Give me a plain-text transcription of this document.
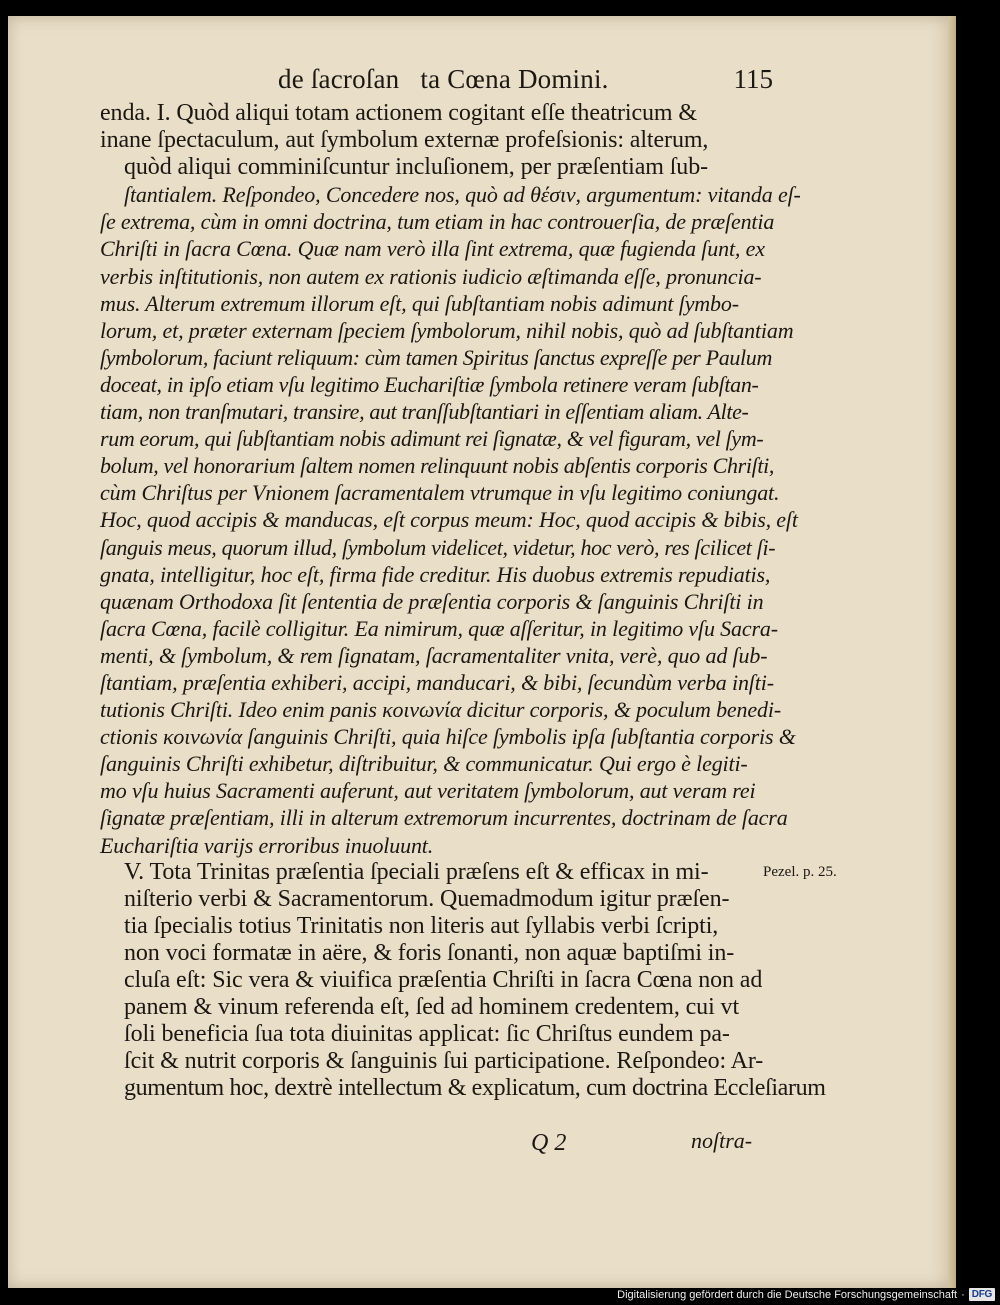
de ſacroſanᷓta Cœna Domini.	115
enda. I. Quòd aliqui totam actionem cogitant eſſe theatricum &
inane ſpectaculum, aut ſymbolum externæ profeſsionis: alterum,
quòd aliqui comminiſcuntur incluſionem, per præſentiam ſub-
ſtantialem. Reſpondeo, Concedere nos, quò ad θέσιν, argumentum: vitanda eſ-
ſe extrema, cùm in omni doctrina, tum etiam in hac controuerſia, de præſentia
Chriſti in ſacra Cœna. Quæ nam verò illa ſint extrema, quæ fugienda ſunt, ex
verbis inſtitutionis, non autem ex rationis iudicio æſtimanda eſſe, pronuncia-
mus. Alterum extremum illorum eſt, qui ſubſtantiam nobis adimunt ſymbo-
lorum, et, præter externam ſpeciem ſymbolorum, nihil nobis, quò ad ſubſtantiam
ſymbolorum, faciunt reliquum: cùm tamen Spiritus ſanctus expreſſe per Paulum
doceat, in ipſo etiam vſu legitimo Euchariſtiæ ſymbola retinere veram ſubſtan-
tiam, non tranſmutari, transire, aut tranſſubſtantiari in eſſentiam aliam. Alte-
rum eorum, qui ſubſtantiam nobis adimunt rei ſignatæ, & vel figuram, vel ſym-
bolum, vel honorarium ſaltem nomen relinquunt nobis abſentis corporis Chriſti,
cùm Chriſtus per Vnionem ſacramentalem vtrumque in vſu legitimo coniungat.
Hoc, quod accipis & manducas, eſt corpus meum: Hoc, quod accipis & bibis, eſt
ſanguis meus, quorum illud, ſymbolum videlicet, videtur, hoc verò, res ſcilicet ſi-
gnata, intelligitur, hoc eſt, firma fide creditur. His duobus extremis repudiatis,
quænam Orthodoxa ſit ſententia de præſentia corporis & ſanguinis Chriſti in
ſacra Cœna, facilè colligitur. Ea nimirum, quæ aſſeritur, in legitimo vſu Sacra-
menti, & ſymbolum, & rem ſignatam, ſacramentaliter vnita, verè, quo ad ſub-
ſtantiam, præſentia exhiberi, accipi, manducari, & bibi, ſecundùm verba inſti-
tutionis Chriſti. Ideo enim panis κοινωνία dicitur corporis, & poculum benedi-
ctionis κοινωνία ſanguinis Chriſti, quia hiſce ſymbolis ipſa ſubſtantia corporis &
ſanguinis Chriſti exhibetur, diſtribuitur, & communicatur. Qui ergo è legiti-
mo vſu huius Sacramenti auferunt, aut veritatem ſymbolorum, aut veram rei
ſignatæ præſentiam, illi in alterum extremorum incurrentes, doctrinam de ſacra
Euchariſtia varijs erroribus inuoluunt.
V. Tota Trinitas præſentia ſpeciali præſens eſt & efficax in mi-
niſterio verbi & Sacramentorum. Quemadmodum igitur præſen-
tia ſpecialis totius Trinitatis non literis aut ſyllabis verbi ſcripti,
non voci formatæ in aëre, & foris ſonanti, non aquæ baptiſmi in-
cluſa eſt: Sic vera & viuifica præſentia Chriſti in ſacra Cœna non ad
panem & vinum referenda eſt, ſed ad hominem credentem, cui vt
ſoli beneficia ſua tota diuinitas applicat: ſic Chriſtus eundem pa-
ſcit & nutrit corporis & ſanguinis ſui participatione. Reſpondeo: Ar-
gumentum hoc, dextrè intellectum & explicatum, cum doctrina Eccleſiarum
Pezel. p. 25.
Q 2	noſtra-
Digitalisierung gefördert durch die Deutsche Forschungsgemeinschaft · DFG
